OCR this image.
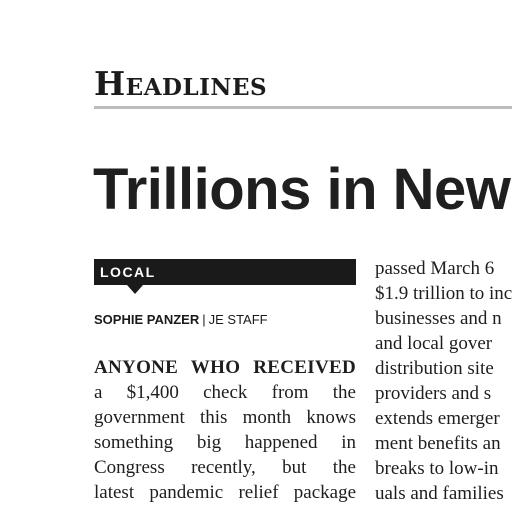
Headlines
Trillions in New
LOCAL
SOPHIE PANZER | JE STAFF
ANYONE WHO RECEIVED
a $1,400 check from the
government this month knows
something big happened in
Congress recently, but the
latest pandemic relief package
passed March 6
$1.9 trillion to inc
businesses and n
and local gover
distribution site
providers and s
extends emerger
ment benefits an
breaks to low-in
uals and families
